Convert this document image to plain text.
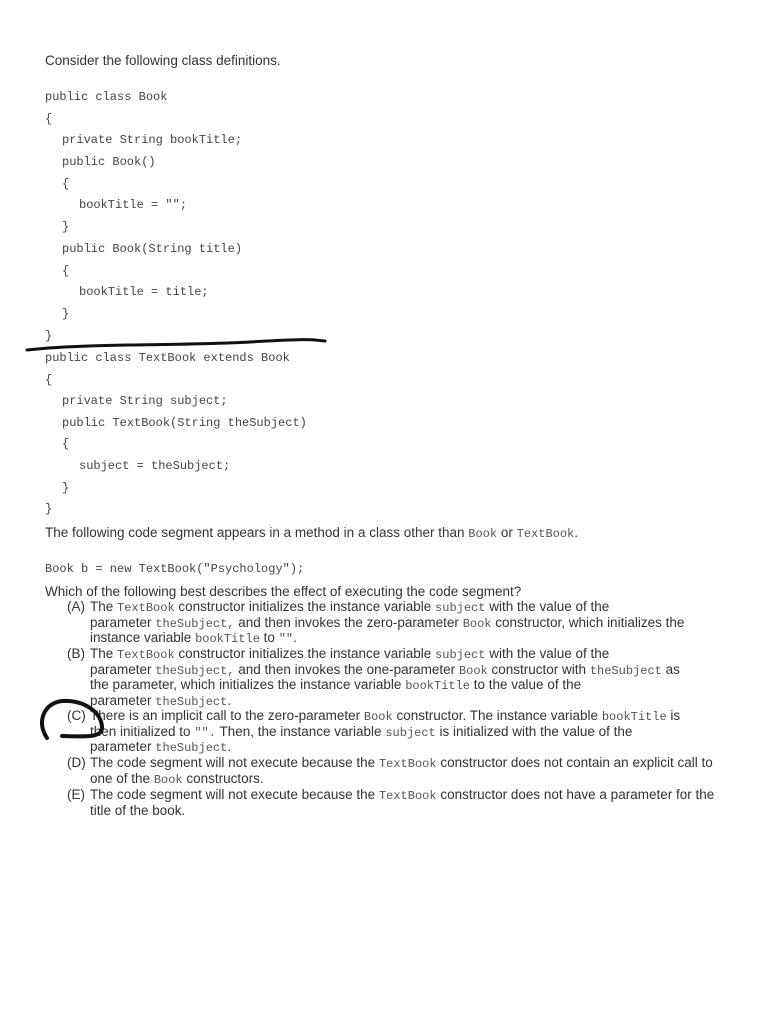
Consider the following class definitions.
public class Book
{
private String bookTitle;
public Book()
{
bookTitle = "";
}
public Book(String title)
{
bookTitle = title;
}
}
public class TextBook extends Book
{
private String subject;
public TextBook(String theSubject)
{
subject = theSubject;
}
}
The following code segment appears in a method in a class other than Book or TextBook.
Book b = new TextBook("Psychology");
Which of the following best describes the effect of executing the code segment?
(A) The TextBook constructor initializes the instance variable subject with the value of the
parameter theSubject, and then invokes the zero-parameter Book constructor, which initializes the
instance variable bookTitle to "".
(B) The TextBook constructor initializes the instance variable subject with the value of the
parameter theSubject, and then invokes the one-parameter Book constructor with theSubject as
the parameter, which initializes the instance variable bookTitle to the value of the
parameter theSubject.
(C) There is an implicit call to the zero-parameter Book constructor. The instance variable bookTitle is
then initialized to "". Then, the instance variable subject is initialized with the value of the
parameter theSubject.
(D) The code segment will not execute because the TextBook constructor does not contain an explicit call to
one of the Book constructors.
(E) The code segment will not execute because the TextBook constructor does not have a parameter for the
title of the book.
